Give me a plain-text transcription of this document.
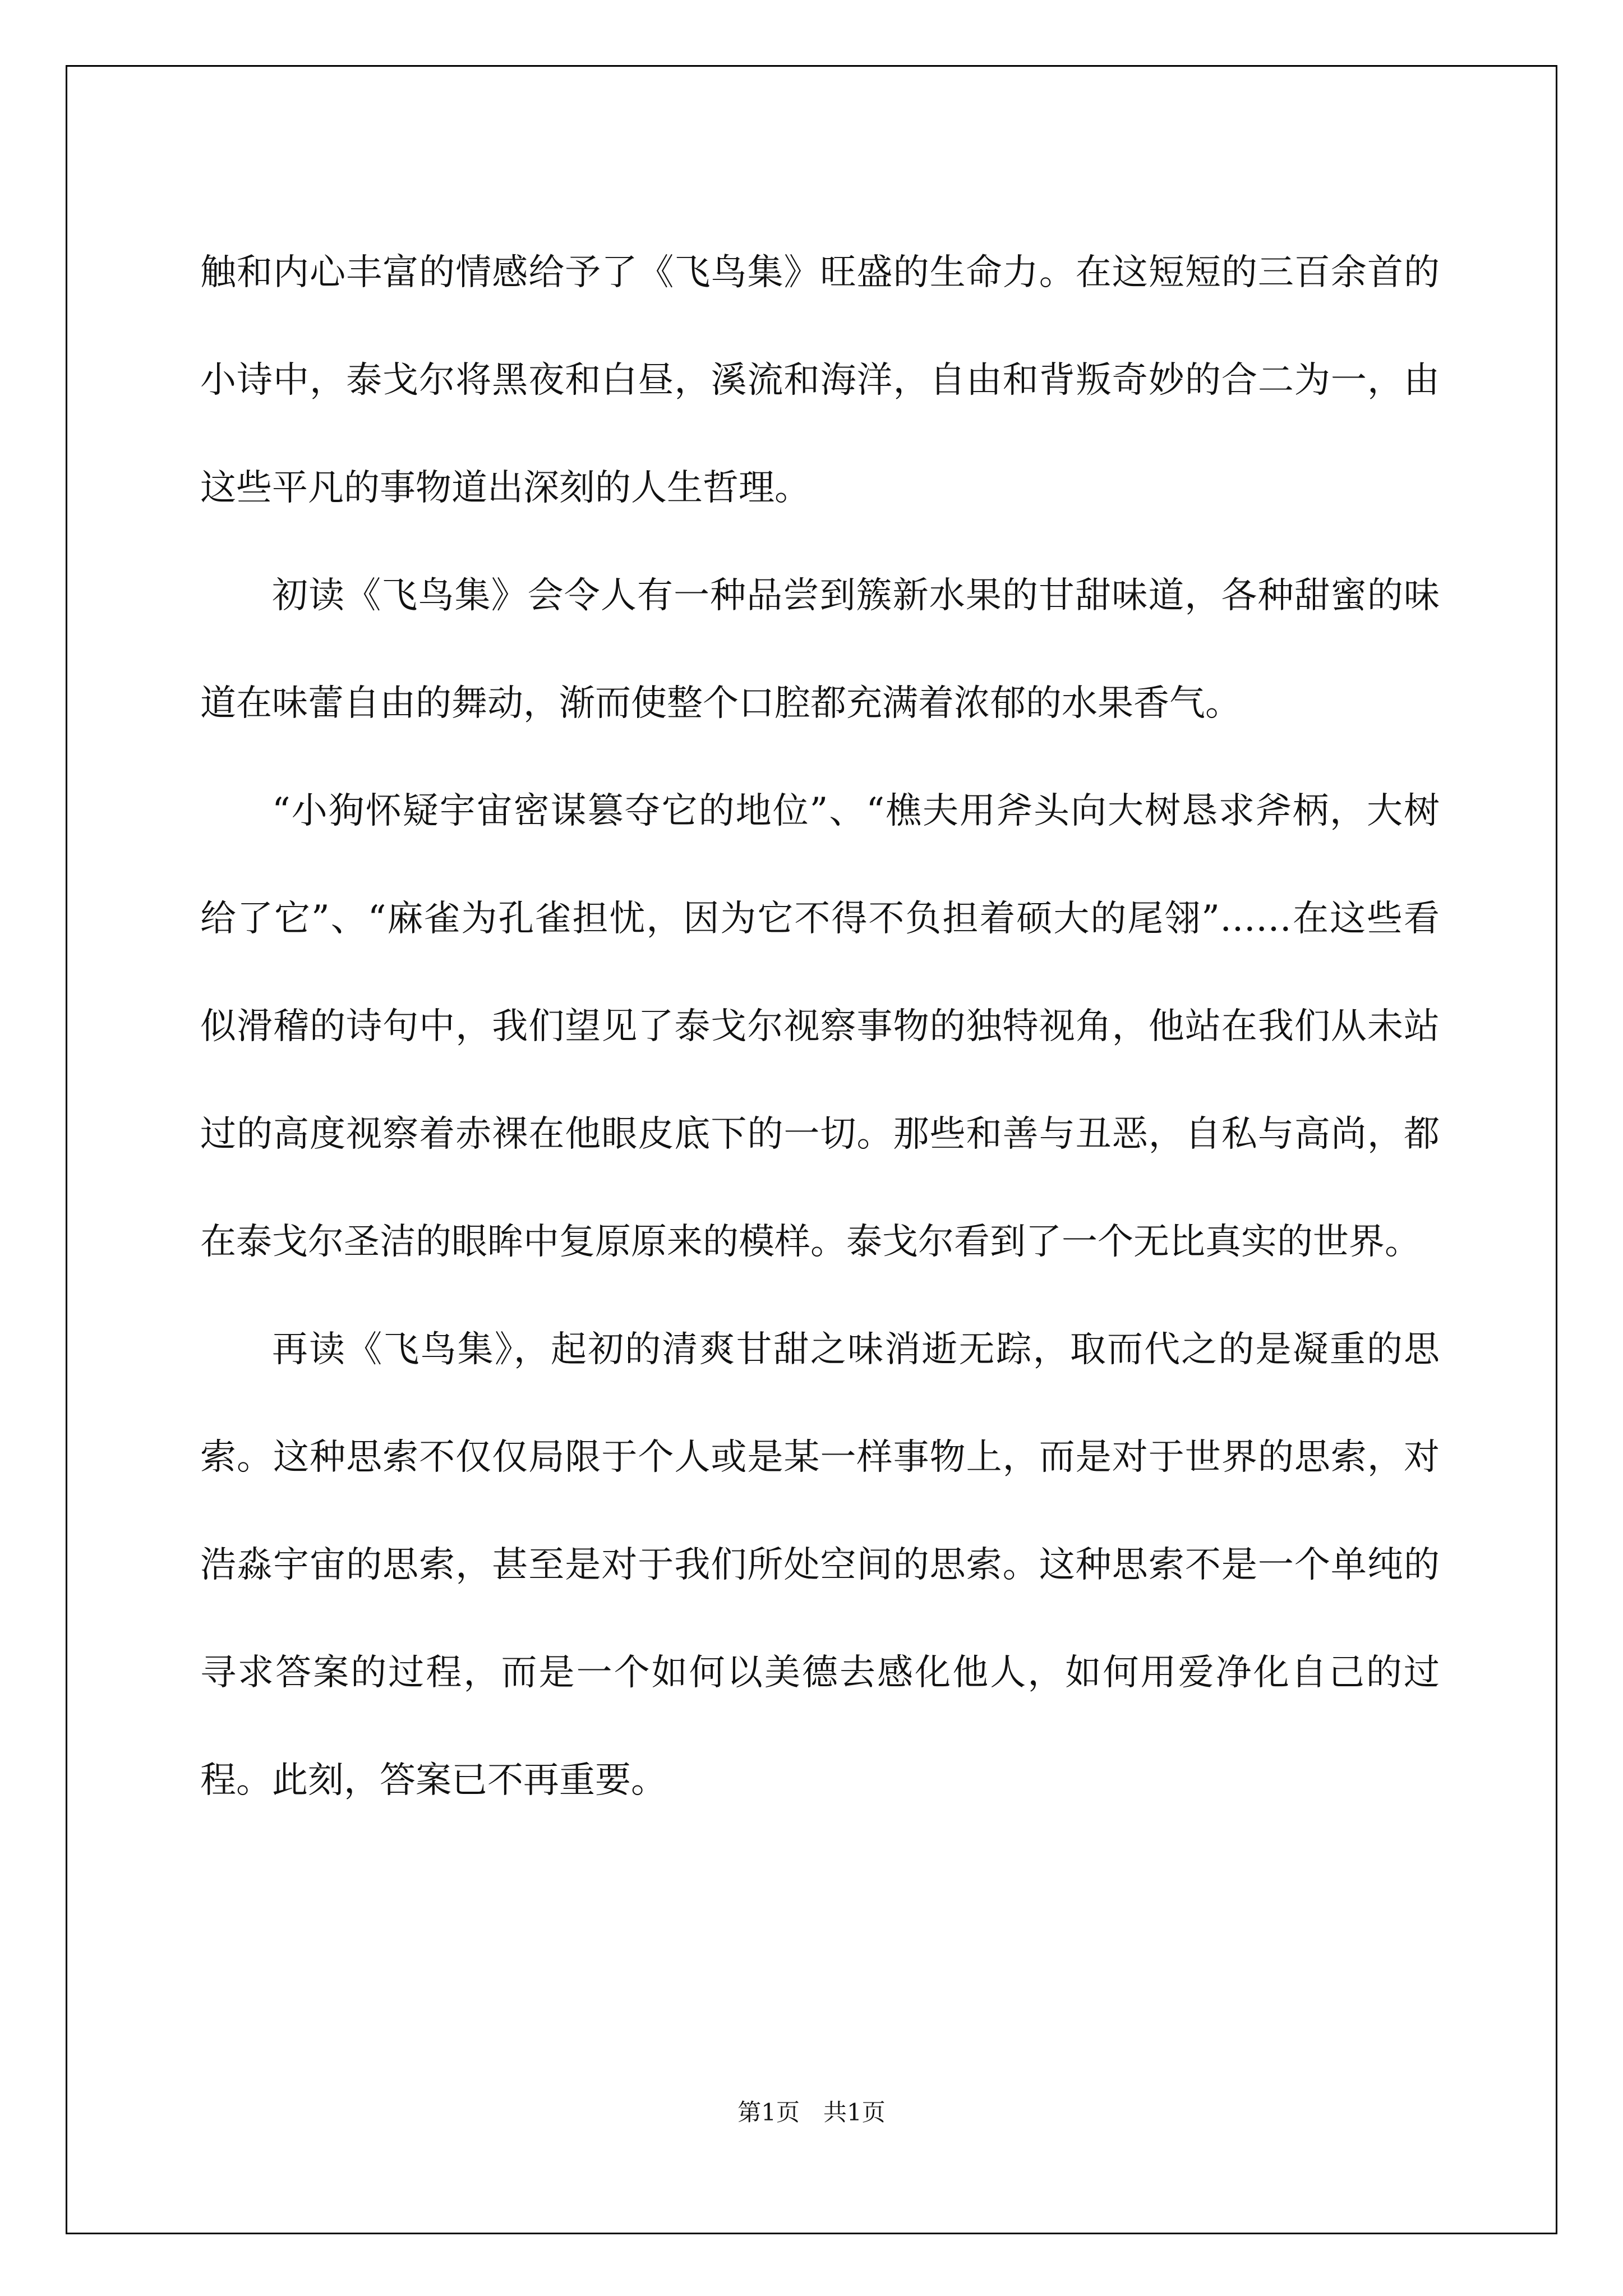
触和内心丰富的情感给予了《飞鸟集》旺盛的生命力。在这短短的三百余首的小诗中，泰戈尔将黑夜和白昼，溪流和海洋，自由和背叛奇妙的合二为一，由这些平凡的事物道出深刻的人生哲理。

初读《飞鸟集》会令人有一种品尝到簇新水果的甘甜味道，各种甜蜜的味道在味蕾自由的舞动，渐而使整个口腔都充满着浓郁的水果香气。

“小狗怀疑宇宙密谋篡夺它的地位”、“樵夫用斧头向大树恳求斧柄，大树给了它”、“麻雀为孔雀担忧，因为它不得不负担着硕大的尾翎”……在这些看似滑稽的诗句中，我们望见了泰戈尔视察事物的独特视角，他站在我们从未站过的高度视察着赤裸在他眼皮底下的一切。那些和善与丑恶，自私与高尚，都在泰戈尔圣洁的眼眸中复原原来的模样。泰戈尔看到了一个无比真实的世界。

再读《飞鸟集》，起初的清爽甘甜之味消逝无踪，取而代之的是凝重的思索。这种思索不仅仅局限于个人或是某一样事物上，而是对于世界的思索，对浩淼宇宙的思索，甚至是对于我们所处空间的思索。这种思索不是一个单纯的寻求答案的过程，而是一个如何以美德去感化他人，如何用爱净化自己的过程。此刻，答案已不再重要。

第1页　共1页
